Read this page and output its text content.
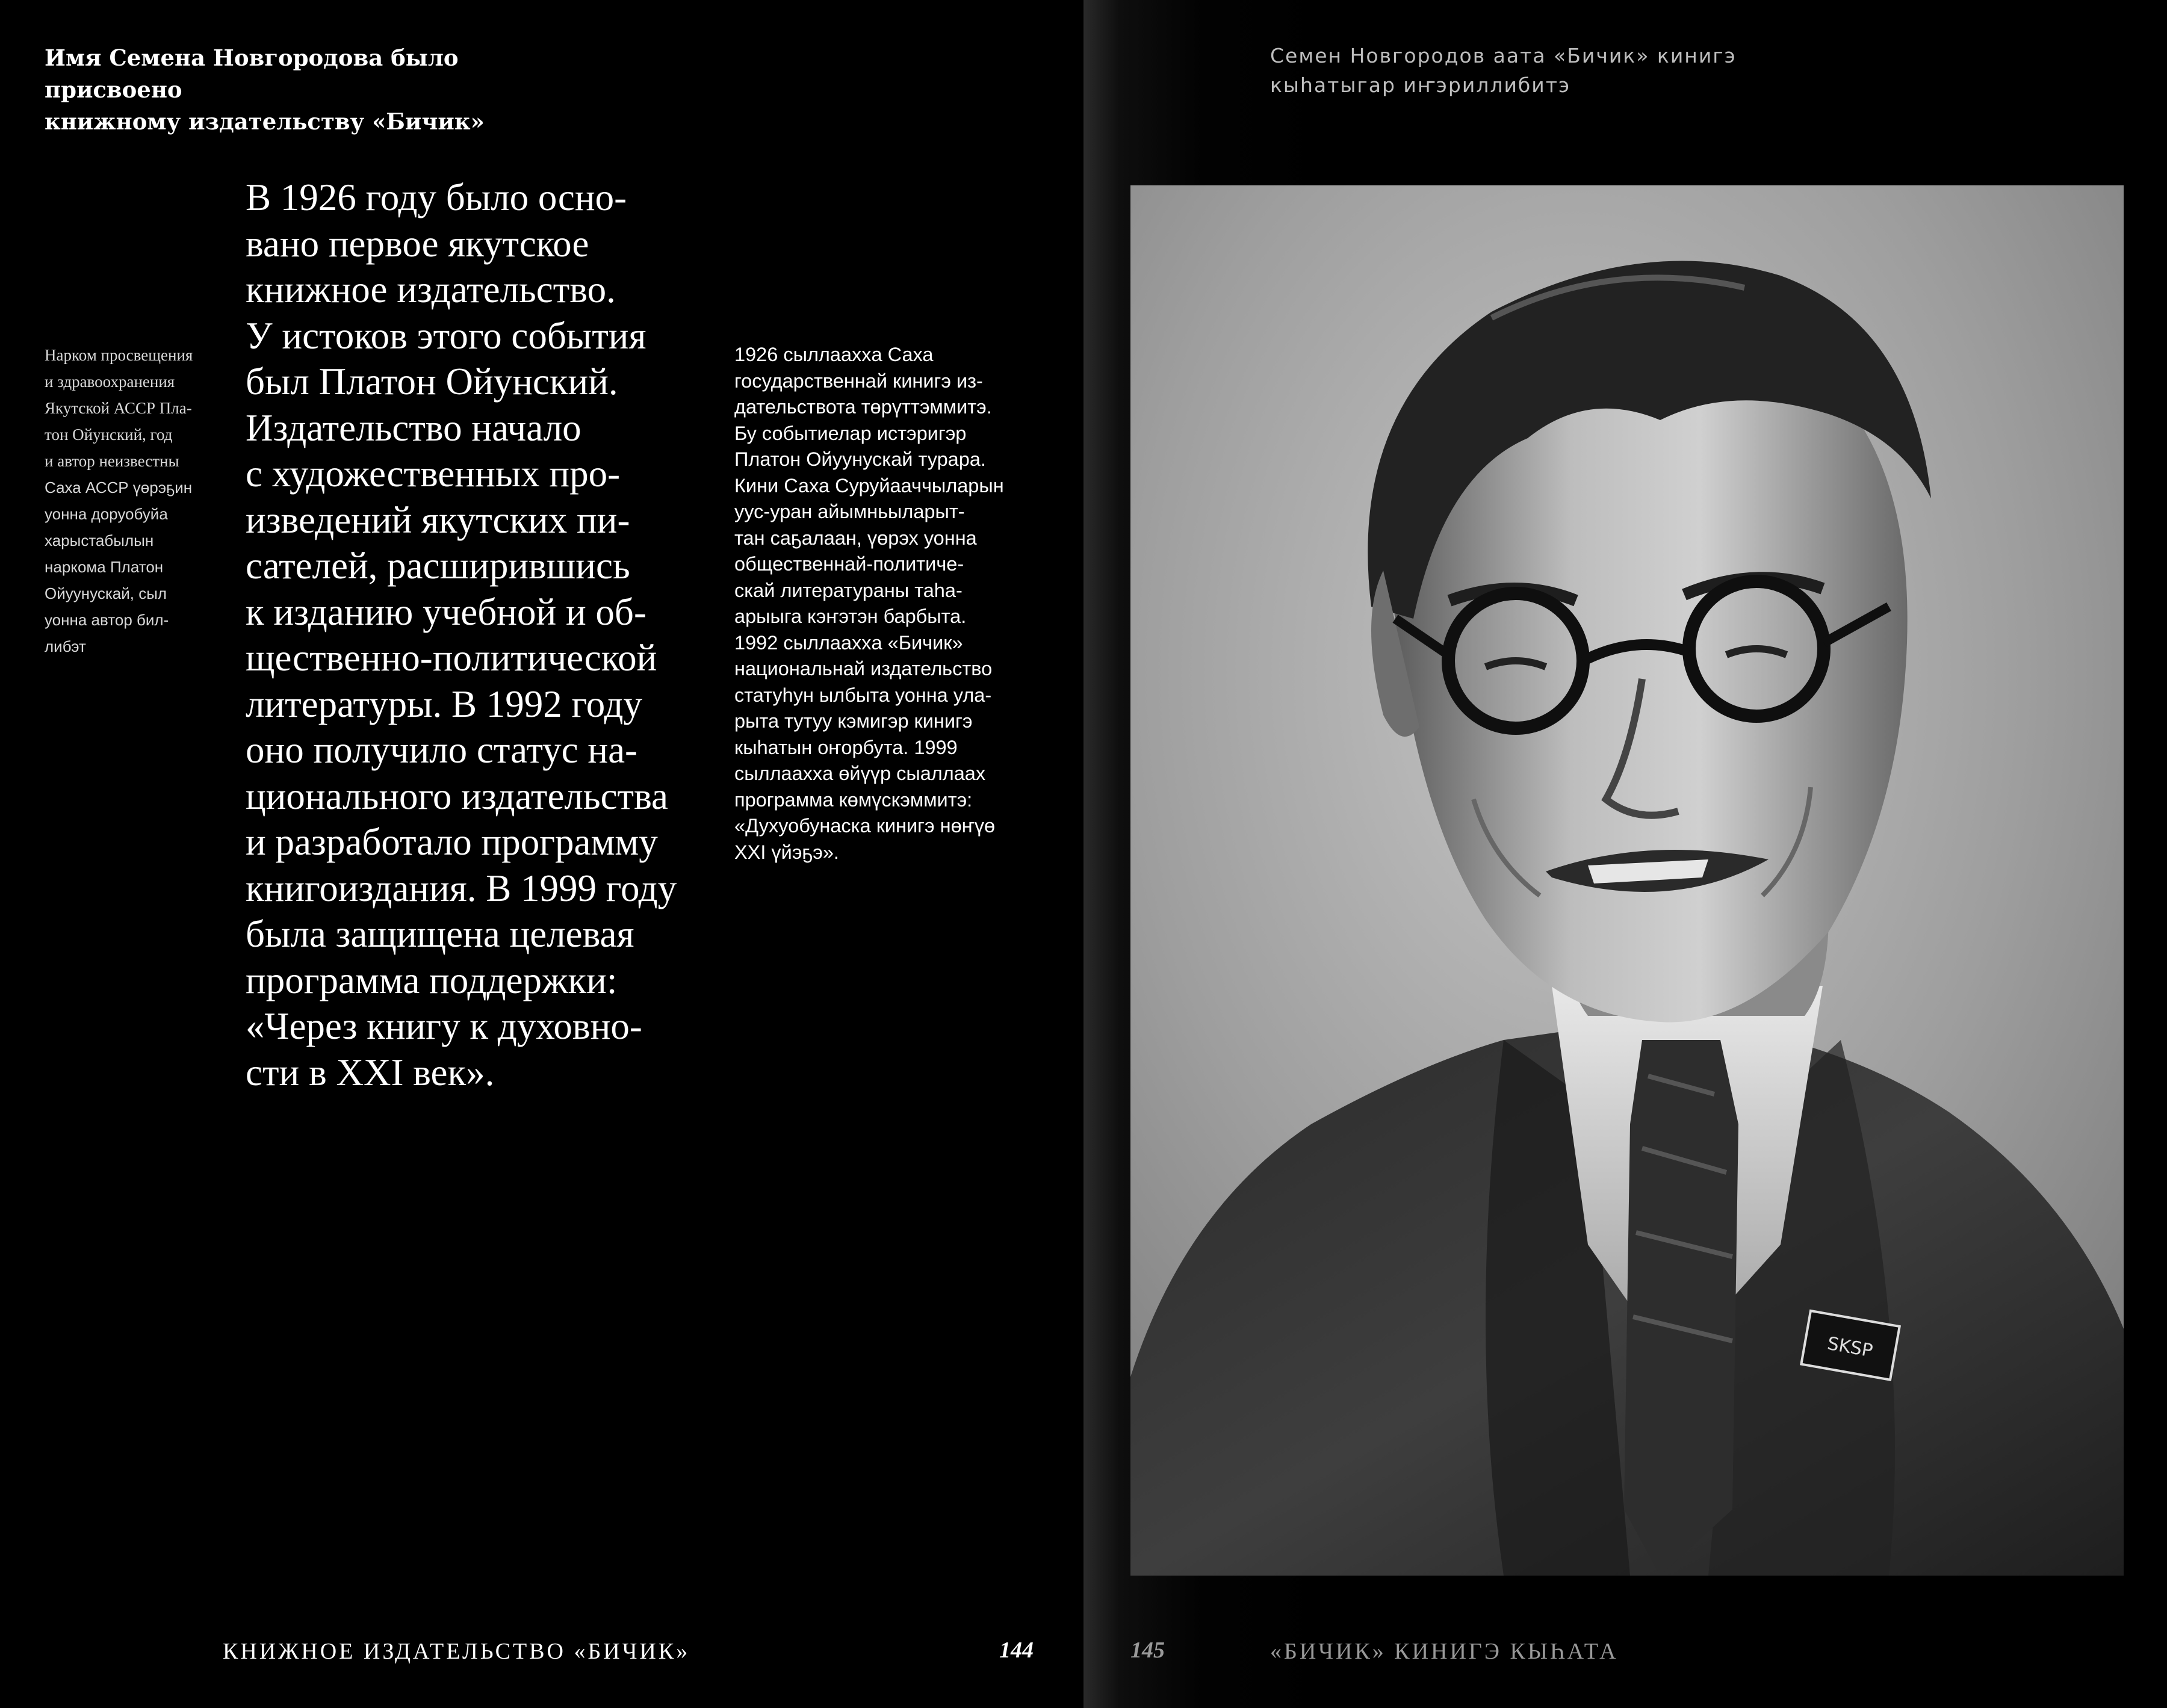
Имя Семена Новгородова было присвоено
книжному издательству «Бичик»
Нарком просвещения
и здравоохранения
Якутской АССР Пла-
тон Ойунский, год
и автор неизвестны
Саха АССР үөрэҕин
уонна доруобуйа
харыстабылын
наркома Платон
Ойуунускай, сыл
уонна автор бил-
либэт
В 1926 году было осно-
вано первое якутское
книжное издательство.
У истоков этого события
был Платон Ойунский.
Издательство начало
с художественных про-
изведений якутских пи-
сателей, расширившись
к изданию учебной и об-
щественно-политической
литературы. В 1992 году
оно получило статус на-
ционального издательства
и разработало программу
книгоиздания. В 1999 году
была защищена целевая
программа поддержки:
«Через книгу к духовно-
сти в XXI век».
1926 сыллааххa Саха
государственнай кинигэ из-
дательствота төрүттэммитэ.
Бу событиелар истэригэр
Платон Ойуунускай турара.
Кини Саха Суруйааччыларын
уус-уран айымньыларыт-
тан саҕалаан, үөрэх уонна
общественнай-политиче-
скай литератураны таһа-
арыыга кэҥэтэн барбыта.
1992 сыллааххa «Бичик»
национальнай издательство
статуһун ылбыта уонна ула-
рыта тутуу кэмигэр кинигэ
кыһатын оҥорбута. 1999
сыллааххa өйүүр сыаллаах
программа көмүскэммитэ:
«Духуобунаска кинигэ нөҥүө
XXI үйэҕэ».
КНИЖНОЕ ИЗДАТЕЛЬСТВО «БИЧИК»	144
Семен Новгородов аата «Бичик» кинигэ
кыһатыгар иҥэриллибитэ
«БИЧИК» КИНИГЭ КЫҺАТА
145
SKSP
